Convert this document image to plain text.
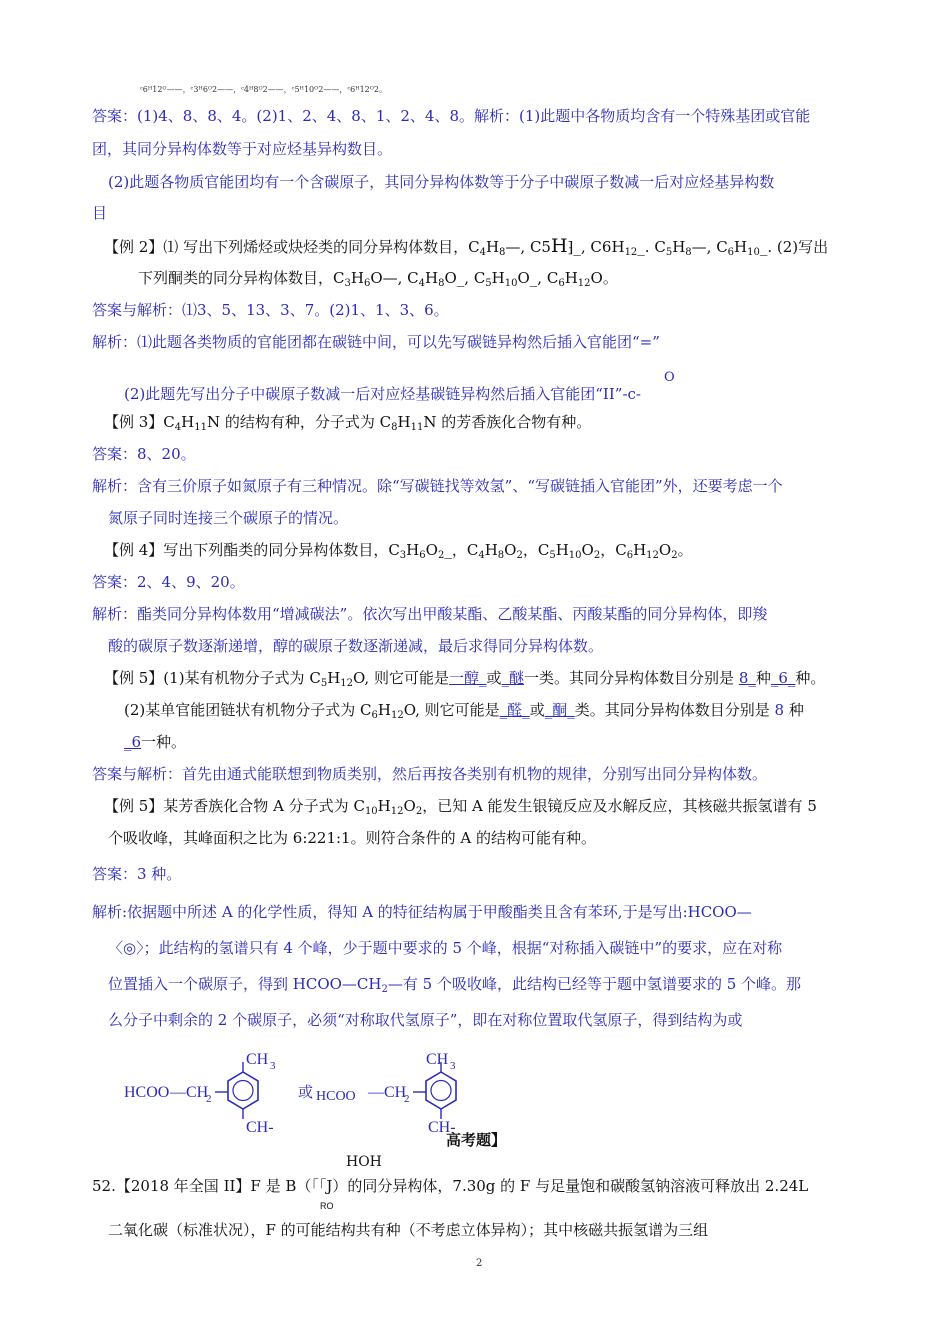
ᶜ6ᴴ12ᴼ——，ᶜ3ᴴ6ᴼ2——，ᶜ4ᴴ8ᴼ2——，ᶜ5ᴴ10ᴼ2——，ᶜ6ᴴ12ᴼ2。
答案：(1)4、8、8、4。(2)1、2、4、8、1、2、4、8。解析：(1)此题中各物质均含有一个特殊基团或官能
团，其同分异构体数等于对应烃基异构数目。
(2)此题各物质官能团均有一个含碳原子，其同分异构体数等于分子中碳原子数减一后对应烃基异构数
目
【例 2】⑴ 写出下列烯烃或炔烃类的同分异构体数目，$C_4H_8—$, C5H⁆_, $C6H_{12}\_$. $C_5H_8—$, $C_6H_{10}\_$. (2)写出
下列酮类的同分异构体数目，$C_3H_6O—$, $C_4H_8O\_$, $C_5H_{10}O\_$, $C_6H_{12}O$。
答案与解析：⑴3、5、13、3、7。(2)1、1、3、6。
解析：⑴此题各类物质的官能团都在碳链中间，可以先写碳链异构然后插入官能团“=”
O
(2)此题先写出分子中碳原子数减一后对应烃基碳链异构然后插入官能团“II”-c-
【例 3】$C_4H_{11}N$ 的结构有种，分子式为 $C_8H_{11}N$ 的芳香族化合物有种。
答案：8、20。
解析：含有三价原子如氮原子有三种情况。除“写碳链找等效氢”、“写碳链插入官能团”外，还要考虑一个
氮原子同时连接三个碳原子的情况。
【例 4】写出下列酯类的同分异构体数目，$C_3H_6O_2\_$，$C_4H_8O_2$，$C_5H_{10}O_2$，$C_6H_{12}O_2$。
答案：2、4、9、20。
解析：酯类同分异构体数用“增减碳法”。依次写出甲酸某酯、乙酸某酯、丙酸某酯的同分异构体，即羧
酸的碳原子数逐渐递增，醇的碳原子数逐渐递减，最后求得同分异构体数。
【例 5】(1)某有机物分子式为 $C_5H_{12}O$, 则它可能是一醇_或_醚一类。其同分异构体数目分别是 8_种_6_种。
(2)某单官能团链状有机物分子式为 $C_6H_{12}O$, 则它可能是_醛_或_酮_类。其同分异构体数目分别是 8 种
_6一种。
答案与解析：首先由通式能联想到物质类别，然后再按各类别有机物的规律，分别写出同分异构体数。
【例 5】某芳香族化合物 A 分子式为 $C_{10}H_{12}O_2$，已知 A 能发生银镜反应及水解反应，其核磁共振氢谱有 5
个吸收峰，其峰面积之比为 6:221:1。则符合条件的 A 的结构可能有种。
答案：3 种。
解析:依据题中所述 A 的化学性质，得知 A 的特征结构属于甲酸酯类且含有苯环,于是写出:HCOO—
〈◎〉；此结构的氢谱只有 4 个峰，少于题中要求的 5 个峰，根据“对称插入碳链中”的要求，应在对称
位置插入一个碳原子，得到 $HCOO—CH_2—$有 5 个吸收峰，此结构已经等于题中氢谱要求的 5 个峰。那
么分子中剩余的 2 个碳原子，必须“对称取代氢原子”，即在对称位置取代氢原子，得到结构为或
HCOO —CH
2
CH 3
CH-
或 HCOO —CH
2
CH 3
CH-
高考题】
HOH
52.【2018 年全国 II】F 是 B（「「J）的同分异构体，7.30g 的 F 与足量饱和碳酸氢钠溶液可释放出 2.24L
RO
二氧化碳（标准状况），F 的可能结构共有种（不考虑立体异构）；其中核磁共振氢谱为三组
2
